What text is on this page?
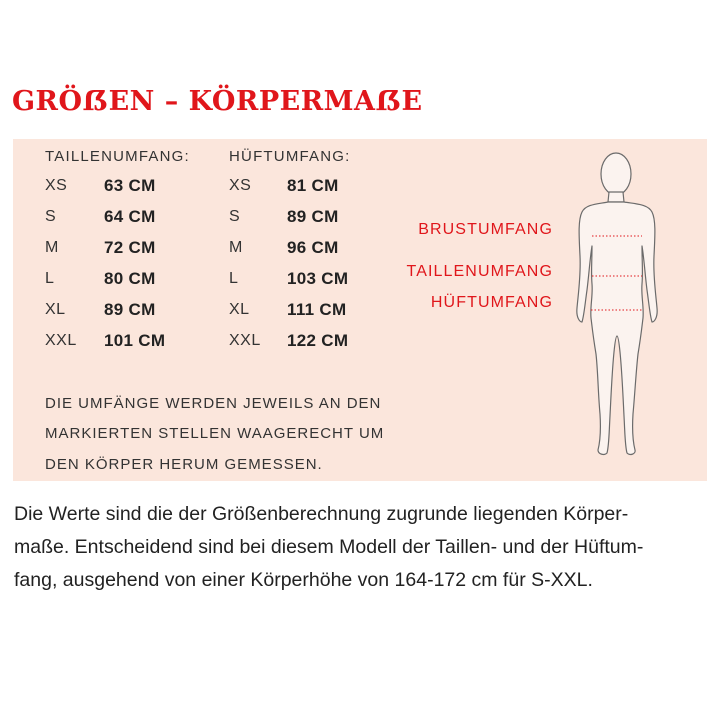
GRÖẞEN – KÖRPERMAẞE
TAILLENUMFANG:
XS 63 CM
S	64 CM
M	72 CM
L	80 CM
XL 89 CM
XXL 101 CM
HÜFTUMFANG:
XS 81 CM
S	89 CM
M	96 CM
L	103 CM
XL 111 CM
XXL 122 CM
DIE UMFÄNGE WERDEN JEWEILS AN DEN
MARKIERTEN STELLEN WAAGERECHT UM
DEN KÖRPER HERUM GEMESSEN.
BRUSTUMFANG
TAILLENUMFANG
HÜFTUMFANG
Die Werte sind die der Größenberechnung zugrunde liegenden Körper-
maße. Entscheidend sind bei diesem Modell der Taillen- und der Hüftum-
fang, ausgehend von einer Körperhöhe von 164-172 cm für S-XXL.
